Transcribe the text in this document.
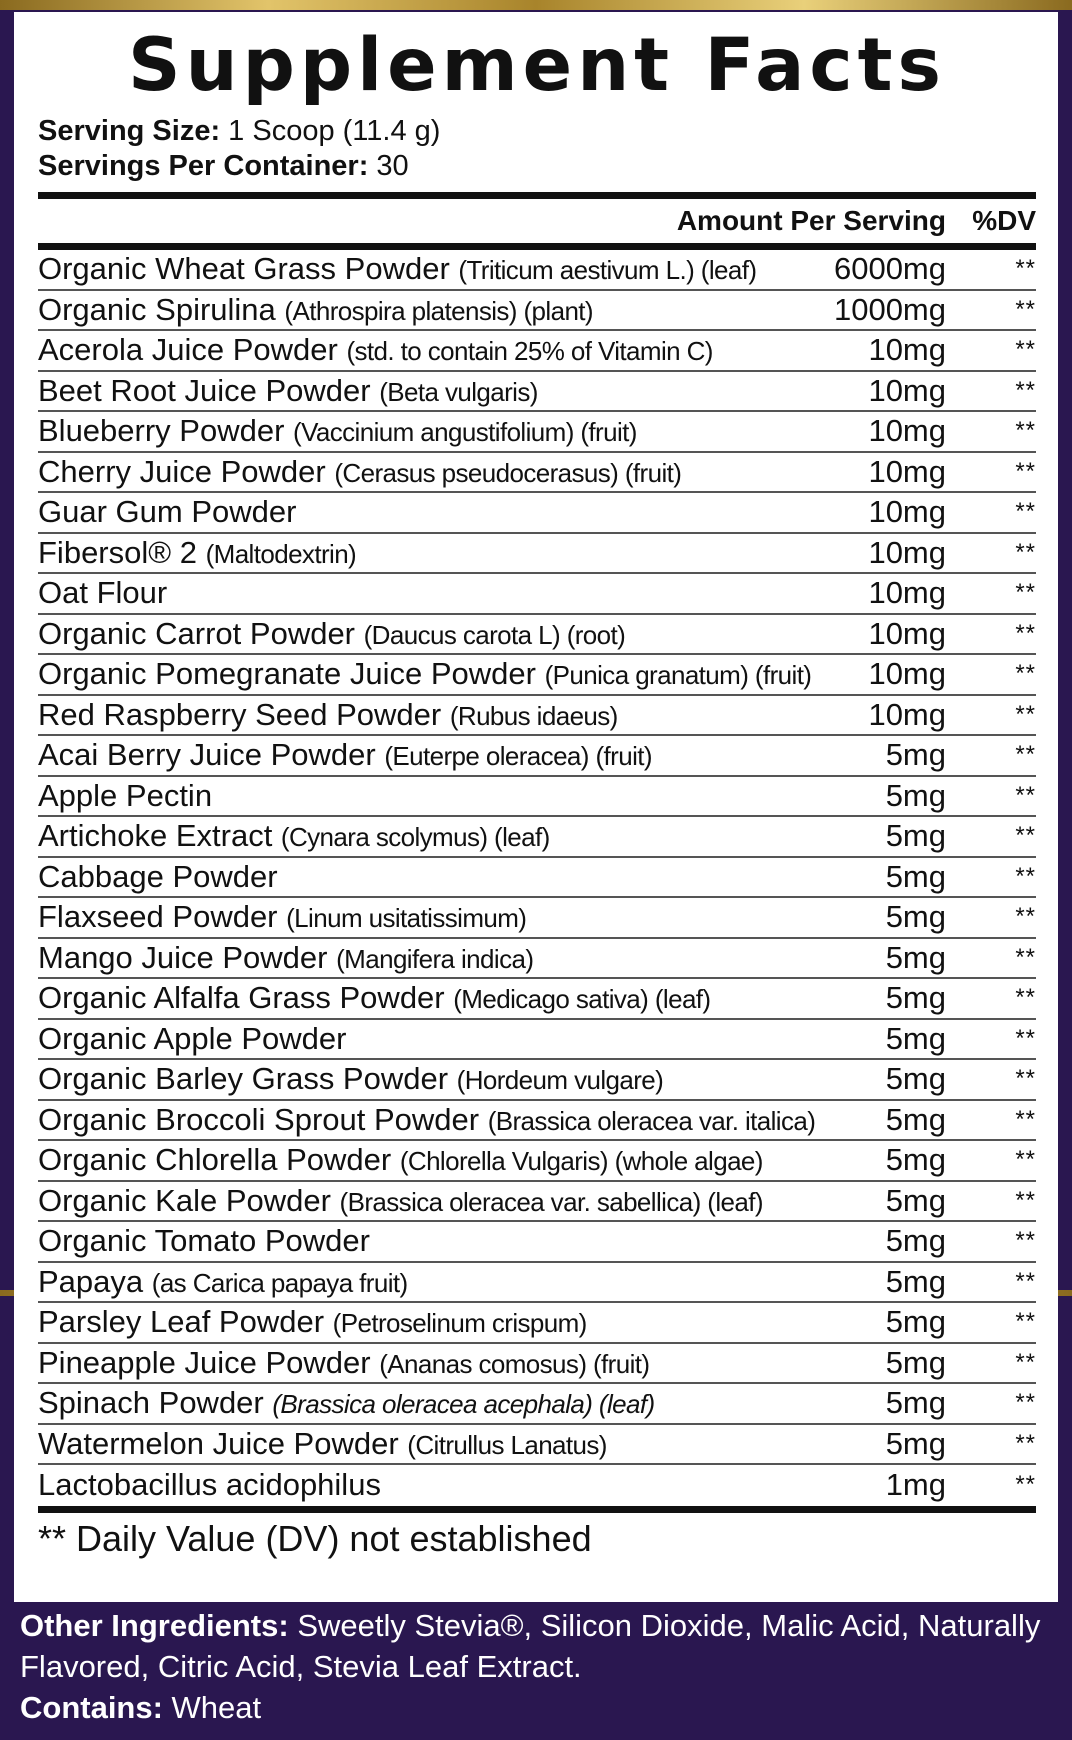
Supplement Facts
Serving Size: 1 Scoop (11.4 g)
Servings Per Container: 30
Amount Per Serving %DV
Organic Wheat Grass Powder (Triticum aestivum L.) (leaf)	6000mg	**
Organic Spirulina (Athrospira platensis) (plant)	1000mg	**
Acerola Juice Powder (std. to contain 25% of Vitamin C)	10mg	**
Beet Root Juice Powder (Beta vulgaris)	10mg	**
Blueberry Powder (Vaccinium angustifolium) (fruit)	10mg	**
Cherry Juice Powder (Cerasus pseudocerasus) (fruit)	10mg	**
Guar Gum Powder	10mg	**
Fibersol® 2 (Maltodextrin)	10mg	**
Oat Flour	10mg	**
Organic Carrot Powder (Daucus carota L) (root)	10mg	**
Organic Pomegranate Juice Powder (Punica granatum) (fruit)	10mg	**
Red Raspberry Seed Powder (Rubus idaeus)	10mg	**
Acai Berry Juice Powder (Euterpe oleracea) (fruit)	5mg	**
Apple Pectin	5mg	**
Artichoke Extract (Cynara scolymus) (leaf)	5mg	**
Cabbage Powder	5mg	**
Flaxseed Powder (Linum usitatissimum)	5mg	**
Mango Juice Powder (Mangifera indica)	5mg	**
Organic Alfalfa Grass Powder (Medicago sativa) (leaf)	5mg	**
Organic Apple Powder	5mg	**
Organic Barley Grass Powder (Hordeum vulgare)	5mg	**
Organic Broccoli Sprout Powder (Brassica oleracea var. italica)	5mg	**
Organic Chlorella Powder (Chlorella Vulgaris) (whole algae)	5mg	**
Organic Kale Powder (Brassica oleracea var. sabellica) (leaf)	5mg	**
Organic Tomato Powder	5mg	**
Papaya (as Carica papaya fruit)	5mg	**
Parsley Leaf Powder (Petroselinum crispum)	5mg	**
Pineapple Juice Powder (Ananas comosus) (fruit)	5mg	**
Spinach Powder (Brassica oleracea acephala) (leaf)	5mg	**
Watermelon Juice Powder (Citrullus Lanatus)	5mg	**
Lactobacillus acidophilus	1mg	**
** Daily Value (DV) not established
Other Ingredients: Sweetly Stevia®, Silicon Dioxide, Malic Acid, Naturally Flavored, Citric Acid, Stevia Leaf Extract.
Contains: Wheat
